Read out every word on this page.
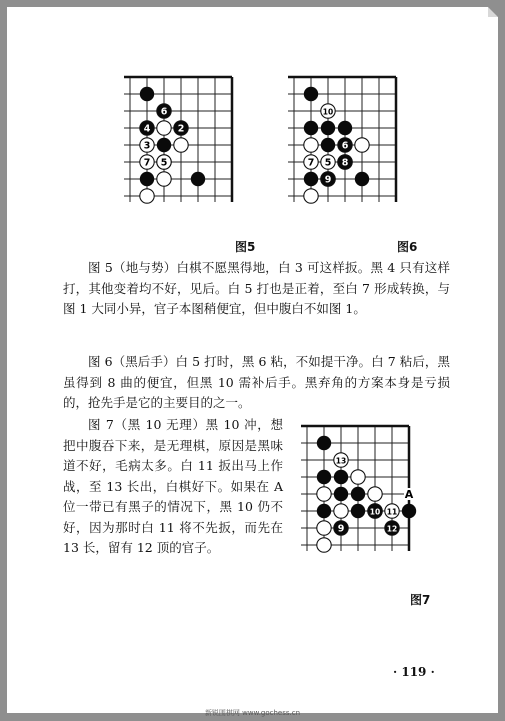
6
4	2
3
7 5
图5
10
6
7 5 8
9
图6

图 5（地与势）白棋不愿黑得地，白 3 可这样扳。黑 4 只有这样打，其他变着均不好，见后。白 5 打也是正着，至白 7 形成转换，与图 1 大同小异，官子本图稍便宜，但中腹白不如图 1。

图 6（黑后手）白 5 打时，黑 6 粘，不如提干净。白 7 粘后，黑虽得到 8 曲的便宜，但黑 10 需补后手。黑弃角的方案本身是亏损的，抢先手是它的主要目的之一。

图 7（黑 10 无理）黑 10 冲，想把中腹吞下来，是无理棋，原因是黑味道不好，毛病太多。白 11 扳出马上作战，至 13 长出，白棋好下。如果在 A 位一带已有黑子的情况下，黑 10 仍不好，因为那时白 11 将不先扳，而先在 13 长，留有 12 顶的官子。

13
10 11
12
9
A
图7
· 119 ·
新锐围棋网 www.gochess.cn
